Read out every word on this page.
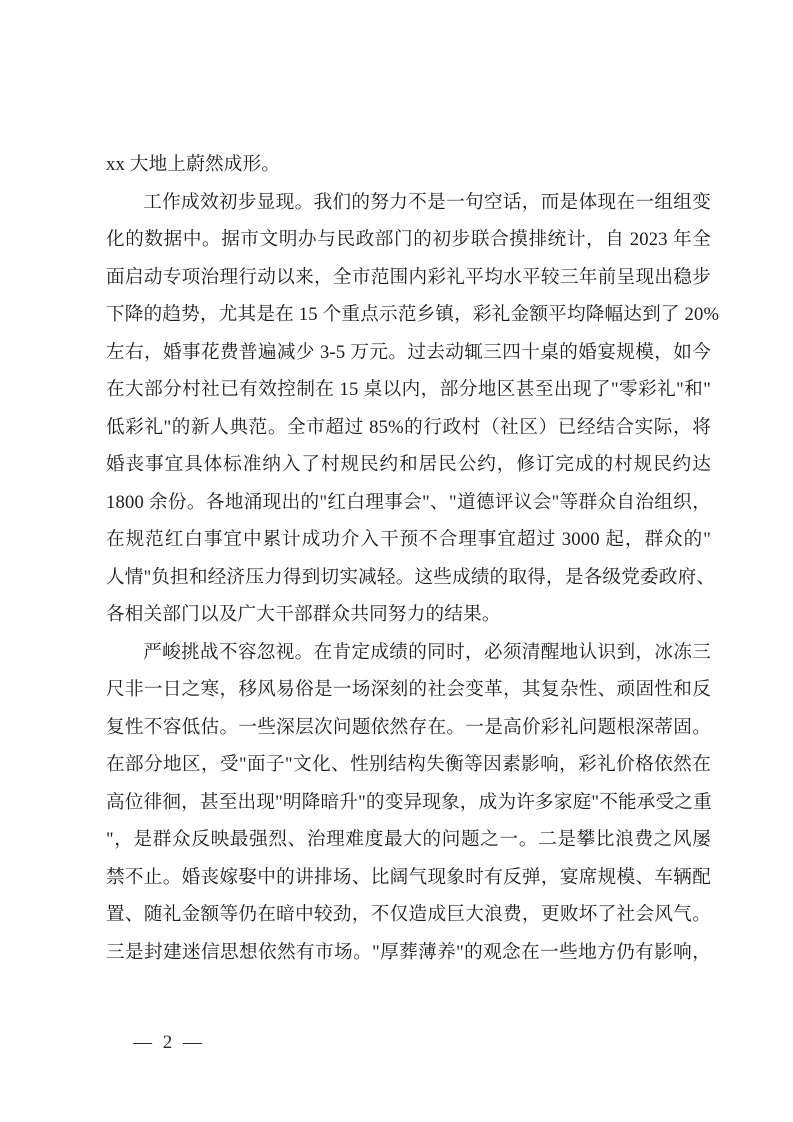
xx 大地上蔚然成形。
工作成效初步显现。我们的努力不是一句空话，而是体现在一组组变
化的数据中。据市文明办与民政部门的初步联合摸排统计，自 2023 年全
面启动专项治理行动以来，全市范围内彩礼平均水平较三年前呈现出稳步
下降的趋势，尤其是在 15 个重点示范乡镇，彩礼金额平均降幅达到了 20%
左右，婚事花费普遍减少 3-5 万元。过去动辄三四十桌的婚宴规模，如今
在大部分村社已有效控制在 15 桌以内，部分地区甚至出现了"零彩礼"和"
低彩礼"的新人典范。全市超过 85%的行政村（社区）已经结合实际，将
婚丧事宜具体标准纳入了村规民约和居民公约，修订完成的村规民约达
1800 余份。各地涌现出的"红白理事会"、"道德评议会"等群众自治组织，
在规范红白事宜中累计成功介入干预不合理事宜超过 3000 起，群众的"
人情"负担和经济压力得到切实减轻。这些成绩的取得，是各级党委政府、
各相关部门以及广大干部群众共同努力的结果。
严峻挑战不容忽视。在肯定成绩的同时，必须清醒地认识到，冰冻三
尺非一日之寒，移风易俗是一场深刻的社会变革，其复杂性、顽固性和反
复性不容低估。一些深层次问题依然存在。一是高价彩礼问题根深蒂固。
在部分地区，受"面子"文化、性别结构失衡等因素影响，彩礼价格依然在
高位徘徊，甚至出现"明降暗升"的变异现象，成为许多家庭"不能承受之重
"，是群众反映最强烈、治理难度最大的问题之一。二是攀比浪费之风屡
禁不止。婚丧嫁娶中的讲排场、比阔气现象时有反弹，宴席规模、车辆配
置、随礼金额等仍在暗中较劲，不仅造成巨大浪费，更败坏了社会风气。
三是封建迷信思想依然有市场。"厚葬薄养"的观念在一些地方仍有影响，
— 2 —
